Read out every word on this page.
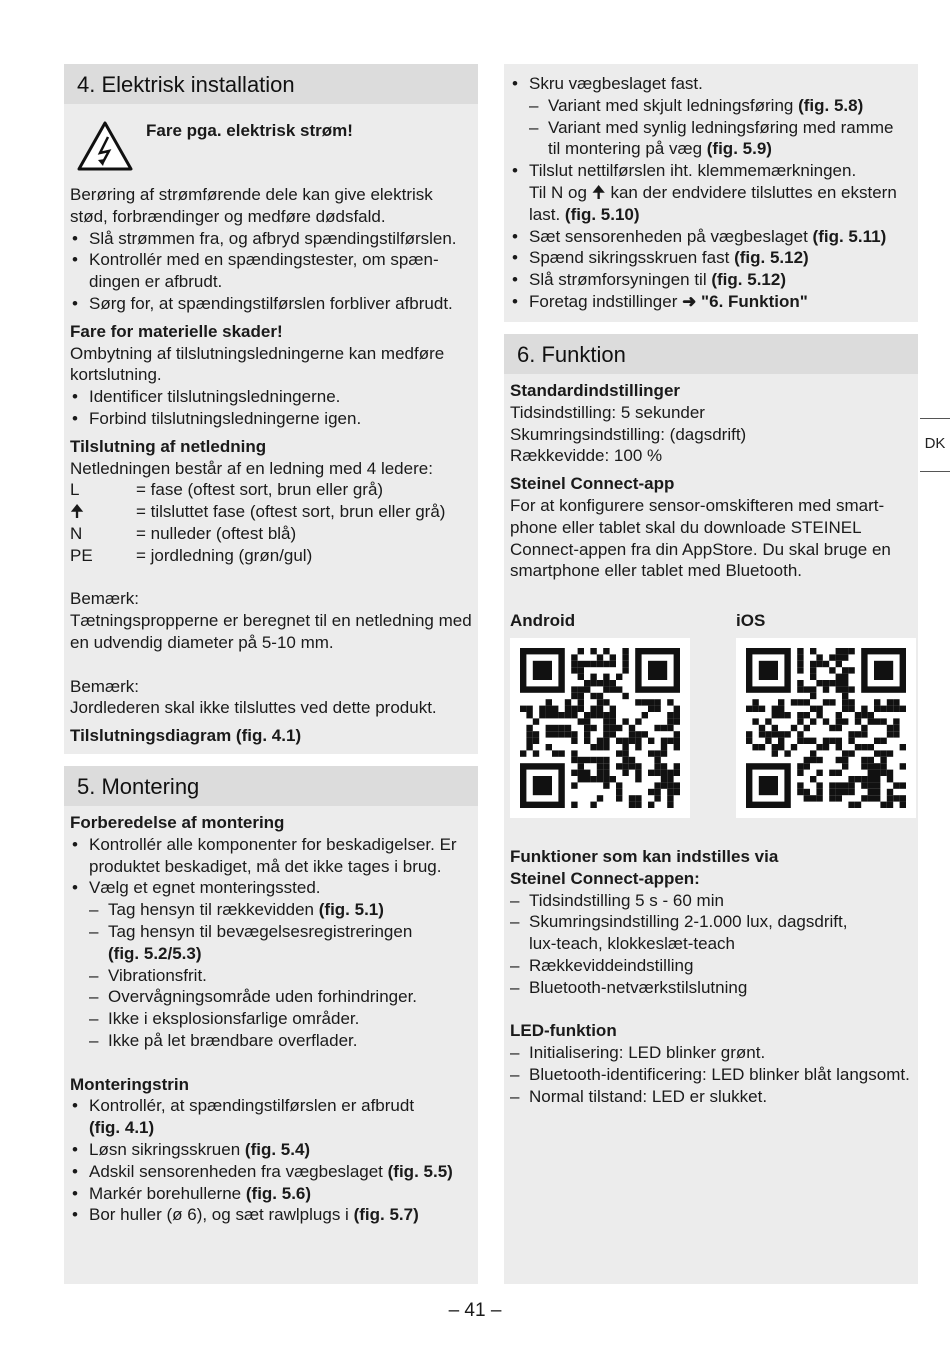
4. Elektrisk installation
Fare pga. elektrisk strøm!

Berøring af strømførende dele kan give elektrisk stød, forbrændinger og medføre dødsfald.

• Slå strømmen fra, og afbryd spændingstilførslen.
• Kontrollér med en spændingstester, om spæn-
dingen er afbrudt.
• Sørg for, at spændingstilførslen forbliver afbrudt.

Fare for materielle skader!

Ombytning af tilslutningsledningerne kan medføre kortslutning.

• Identificer tilslutningsledningerne.
• Forbind tilslutningsledningerne igen.

Tilslutning af netledning

Netledningen består af en ledning med 4 ledere:

L	= fase (oftest sort, brun eller grå)
🠉	= tilsluttet fase (oftest sort, brun eller grå)
N	= nulleder (oftest blå)
PE	= jordledning (grøn/gul)

Bemærk:

Tætningspropperne er beregnet til en netledning med en udvendig diameter på 5-10 mm.

Bemærk:

Jordlederen skal ikke tilsluttes ved dette produkt.

Tilslutningsdiagram (fig. 4.1)

5. Montering

Forberedelse af montering

• Kontrollér alle komponenter for beskadigelser. Er
produktet beskadiget, må det ikke tages i brug.
• Vælg et egnet monteringssted.
– Tag hensyn til rækkevidden (fig. 5.1)
– Tag hensyn til bevægelsesregistreringen
(fig. 5.2/5.3)
– Vibrationsfrit.
– Overvågningsområde uden forhindringer.
– Ikke i eksplosionsfarlige områder.
– Ikke på let brændbare overflader.

Monteringstrin

• Kontrollér, at spændingstilførslen er afbrudt
(fig. 4.1)
• Løsn sikringsskruen (fig. 5.4)
• Adskil sensorenheden fra vægbeslaget (fig. 5.5)
• Markér borehullerne (fig. 5.6)
• Bor huller (ø 6), og sæt rawlplugs i (fig. 5.7)
• Skru vægbeslaget fast.
– Variant med skjult ledningsføring (fig. 5.8)
– Variant med synlig ledningsføring med ramme
til montering på væg (fig. 5.9)
• Tilslut nettilførslen iht. klemmemærkningen.
Til N og 🠉 kan der endvidere tilsluttes en ekstern
last. (fig. 5.10)
• Sæt sensorenheden på vægbeslaget (fig. 5.11)
• Spænd sikringsskruen fast (fig. 5.12)
• Slå strømforsyningen til (fig. 5.12)
• Foretag indstillinger ➜ "6. Funktion"
6. Funktion

Standardindstillinger

Tidsindstilling: 5 sekunder

Skumringsindstilling: (dagsdrift)

Rækkevidde: 100 %

Steinel Connect-app

For at konfigurere sensor-omskifteren med smart-phone eller tablet skal du downloade STEINEL Connect-appen fra din AppStore. Du skal bruge en smartphone eller tablet med Bluetooth.

Android	iOS

Funktioner som kan indstilles via
Steinel Connect-appen:

– Tidsindstilling 5 s - 60 min
– Skumringsindstilling 2-1.000 lux, dagsdrift,
lux-teach, klokkeslæt-teach
– Rækkeviddeindstilling
– Bluetooth-netværkstilslutning

LED-funktion

– Initialisering: LED blinker grønt.
– Bluetooth-identificering: LED blinker blåt langsomt.
– Normal tilstand: LED er slukket.
DK
– 41 –
